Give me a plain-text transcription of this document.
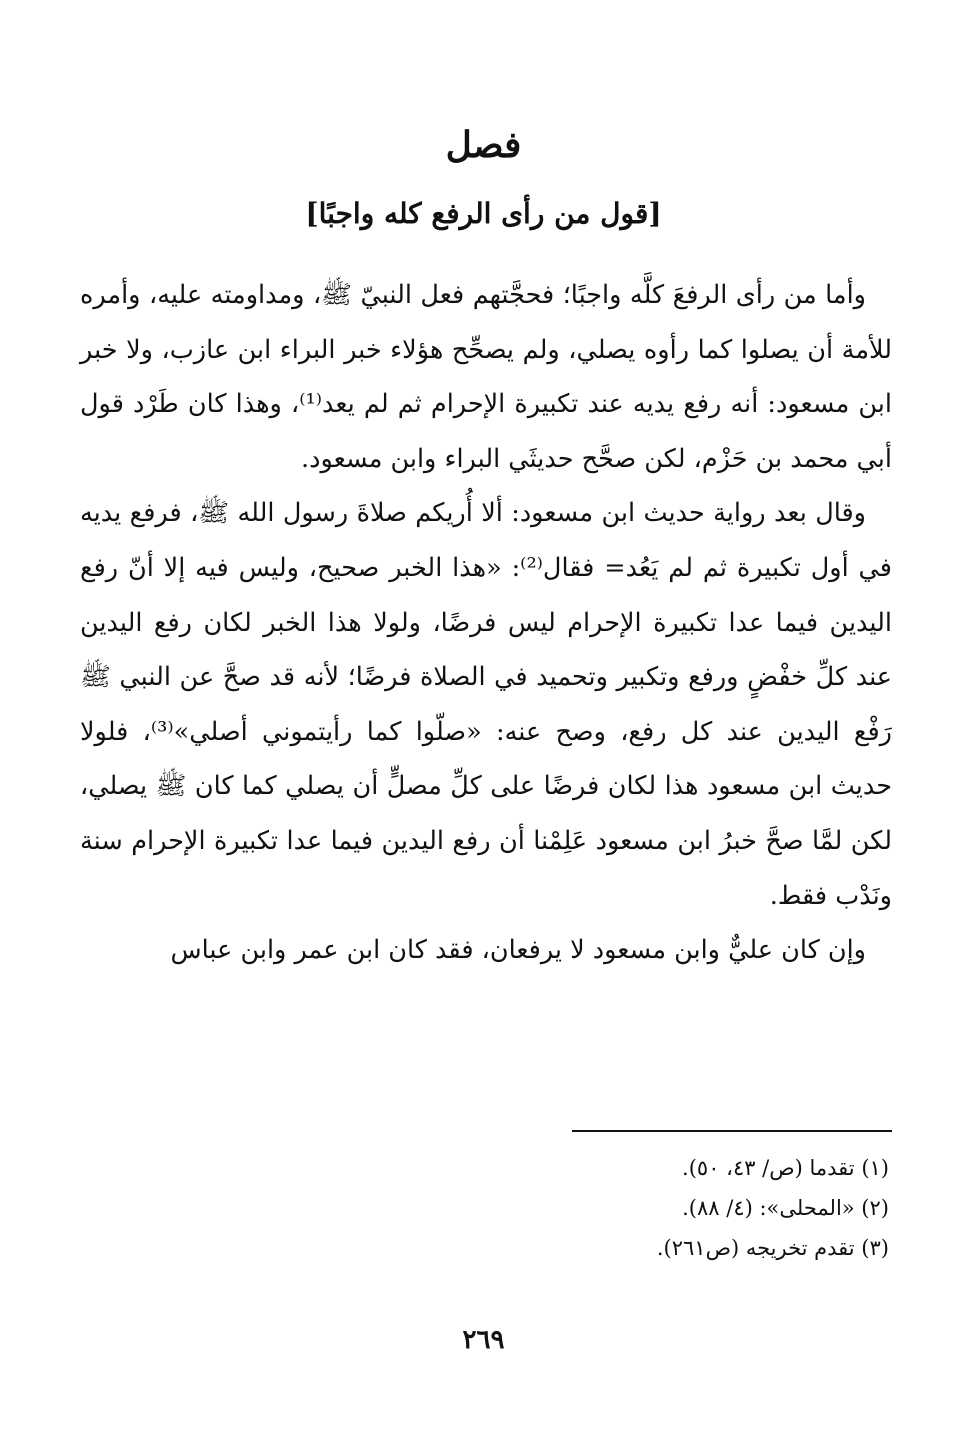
فصل
[قول من رأى الرفع كله واجبًا]

وأما من رأى الرفعَ كلَّه واجبًا؛ فحجَّتهم فعل النبيّ ﷺ، ومداومته عليه، وأمره للأمة أن يصلوا كما رأوه يصلي، ولم يصحِّح هؤلاء خبر البراء ابن عازب، ولا خبر ابن مسعود: أنه رفع يديه عند تكبيرة الإحرام ثم لم يعد⁽¹⁾، وهذا كان طَرْد قول أبي محمد بن حَزْم، لكن صحَّح حديثَي البراء وابن مسعود.

وقال بعد رواية حديث ابن مسعود: ألا أُريكم صلاةَ رسول الله ﷺ، فرفع يديه في أول تكبيرة ثم لم يَعُد= فقال⁽²⁾: «هذا الخبر صحيح، وليس فيه إلا أنّ رفع اليدين فيما عدا تكبيرة الإحرام ليس فرضًا، ولولا هذا الخبر لكان رفع اليدين عند كلِّ خفْضٍ ورفع وتكبير وتحميد في الصلاة فرضًا؛ لأنه قد صحَّ عن النبي ﷺ رَفْع اليدين عند كل رفع، وصح عنه: «صلّوا كما رأيتموني أصلي»⁽³⁾، فلولا حديث ابن مسعود هذا لكان فرضًا على كلِّ مصلٍّ أن يصلي كما كان ﷺ يصلي، لكن لمَّا صحَّ خبرُ ابن مسعود عَلِمْنا أن رفع اليدين فيما عدا تكبيرة الإحرام سنة ونَدْب فقط.

وإن كان عليٌّ وابن مسعود لا يرفعان، فقد كان ابن عمر وابن عباس

(١) تقدما (ص/ ٤٣، ٥٠).
(٢) «المحلى»: (٤/ ٨٨).
(٣) تقدم تخريجه (ص٢٦١).
٢٦٩
